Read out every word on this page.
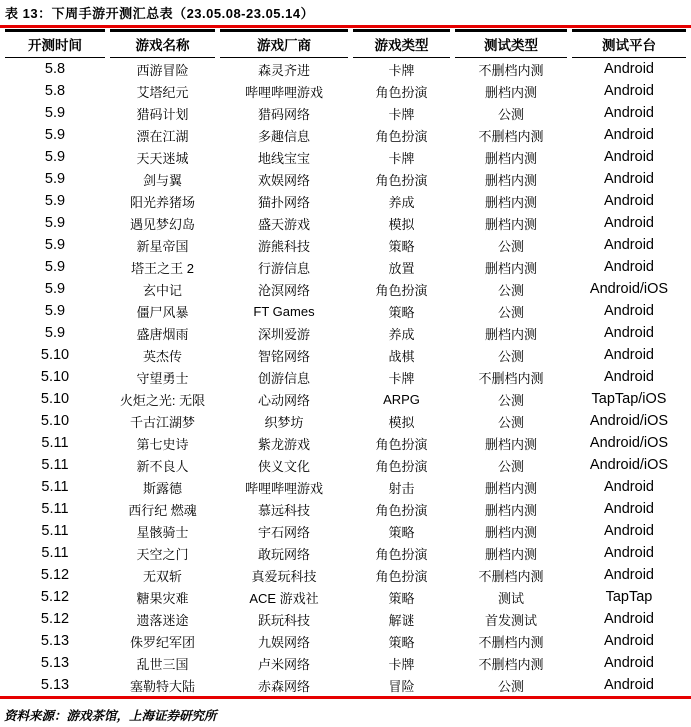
表 13：下周手游开测汇总表（23.05.08-23.05.14）
开测时间	游戏名称	游戏厂商	游戏类型	测试类型	测试平台
5.8	西游冒险	森灵齐进	卡牌	不删档内测	Android
5.8	艾塔纪元	哔哩哔哩游戏	角色扮演	删档内测	Android
5.9	猎码计划	猎码网络	卡牌	公测	Android
5.9	漂在江湖	多趣信息	角色扮演	不删档内测	Android
5.9	天天迷城	地线宝宝	卡牌	删档内测	Android
5.9	剑与翼	欢娱网络	角色扮演	删档内测	Android
5.9	阳光养猪场	猫扑网络	养成	删档内测	Android
5.9	遇见梦幻岛	盛天游戏	模拟	删档内测	Android
5.9	新星帝国	游熊科技	策略	公测	Android
5.9	塔王之王 2	行游信息	放置	删档内测	Android
5.9	玄中记	沧溟网络	角色扮演	公测	Android/iOS
5.9	僵尸风暴	FT Games	策略	公测	Android
5.9	盛唐烟雨	深圳爱游	养成	删档内测	Android
5.10	英杰传	智铭网络	战棋	公测	Android
5.10	守望勇士	创游信息	卡牌	不删档内测	Android
5.10	火炬之光: 无限	心动网络	ARPG	公测	TapTap/iOS
5.10	千古江湖梦	织梦坊	模拟	公测	Android/iOS
5.11	第七史诗	紫龙游戏	角色扮演	删档内测	Android/iOS
5.11	新不良人	侠义文化	角色扮演	公测	Android/iOS
5.11	斯露德	哔哩哔哩游戏	射击	删档内测	Android
5.11	西行纪 燃魂	慕远科技	角色扮演	删档内测	Android
5.11	星骸骑士	宇石网络	策略	删档内测	Android
5.11	天空之门	敢玩网络	角色扮演	删档内测	Android
5.12	无双斩	真爱玩科技	角色扮演	不删档内测	Android
5.12	糖果灾难	ACE 游戏社	策略	测试	TapTap
5.12	遗落迷途	跃玩科技	解谜	首发测试	Android
5.13	侏罗纪军团	九娱网络	策略	不删档内测	Android
5.13	乱世三国	卢米网络	卡牌	不删档内测	Android
5.13	塞勒特大陆	赤森网络	冒险	公测	Android
资料来源：游戏茶馆，上海证券研究所
